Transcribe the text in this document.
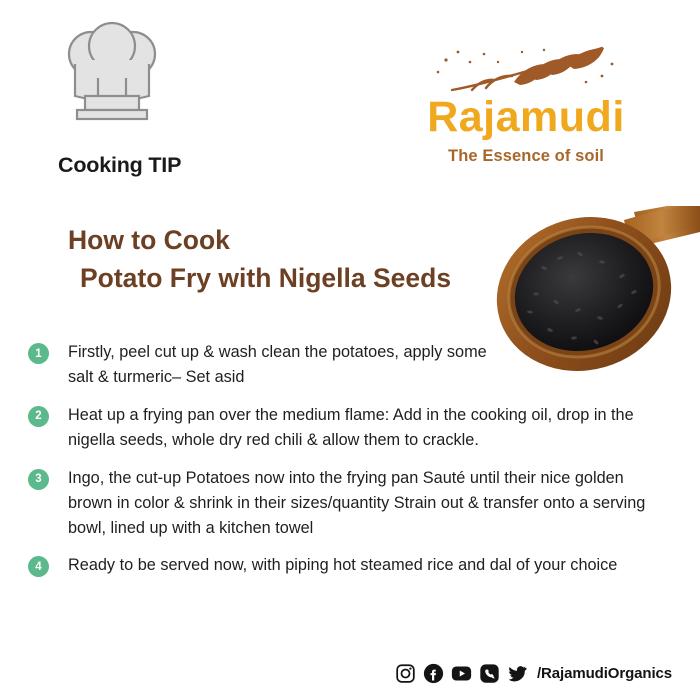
Cooking TIP
Rajamudi
The Essence of soil
How to Cook
Potato Fry with Nigella Seeds
1	Firstly, peel cut up & wash clean the potatoes, apply some salt & turmeric– Set asid
2	Heat up a frying pan over the medium flame: Add in the cooking oil, drop in the nigella seeds, whole dry red chili & allow them to crackle.
3	Ingo, the cut-up Potatoes now into the frying pan Sauté until their nice golden brown in color & shrink in their sizes/quantity Strain out & transfer onto a serving bowl, lined up with a kitchen towel
4	Ready to be served now, with piping hot steamed rice and dal of your choice
/RajamudiOrganics
